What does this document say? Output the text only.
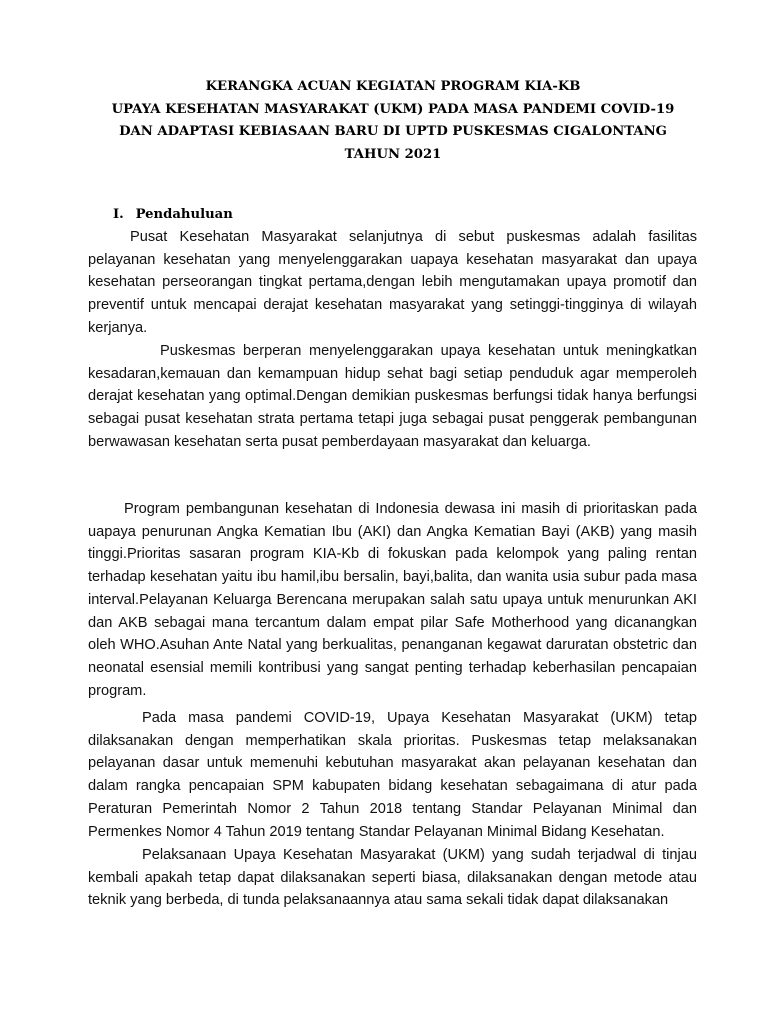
KERANGKA ACUAN KEGIATAN PROGRAM KIA-KB
UPAYA KESEHATAN MASYARAKAT (UKM) PADA MASA PANDEMI COVID-19
DAN ADAPTASI KEBIASAAN BARU DI UPTD PUSKESMAS CIGALONTANG
TAHUN 2021
I. Pendahuluan

Pusat Kesehatan Masyarakat selanjutnya di sebut puskesmas adalah fasilitas pelayanan kesehatan yang menyelenggarakan uapaya kesehatan masyarakat dan upaya kesehatan perseorangan tingkat pertama,dengan lebih mengutamakan upaya promotif dan preventif untuk mencapai derajat kesehatan masyarakat yang setinggi-tingginya di wilayah kerjanya.

Puskesmas berperan menyelenggarakan upaya kesehatan untuk meningkatkan kesadaran,kemauan dan kemampuan hidup sehat bagi setiap penduduk agar memperoleh derajat kesehatan yang optimal.Dengan demikian puskesmas berfungsi tidak hanya berfungsi sebagai pusat kesehatan strata pertama tetapi juga sebagai pusat penggerak pembangunan berwawasan kesehatan serta pusat pemberdayaan masyarakat dan keluarga.

Program pembangunan kesehatan di Indonesia dewasa ini masih di prioritaskan pada uapaya penurunan Angka Kematian Ibu (AKI) dan Angka Kematian Bayi (AKB) yang masih tinggi.Prioritas sasaran program KIA-Kb di fokuskan pada kelompok yang paling rentan terhadap kesehatan yaitu ibu hamil,ibu bersalin, bayi,balita, dan wanita usia subur pada masa interval.Pelayanan Keluarga Berencana merupakan salah satu upaya untuk menurunkan AKI dan AKB sebagai mana tercantum dalam empat pilar Safe Motherhood yang dicanangkan oleh WHO.Asuhan Ante Natal yang berkualitas, penanganan kegawat daruratan obstetric dan neonatal esensial memili kontribusi yang sangat penting terhadap keberhasilan pencapaian program.

Pada masa pandemi COVID-19, Upaya Kesehatan Masyarakat (UKM) tetap dilaksanakan dengan memperhatikan skala prioritas. Puskesmas tetap melaksanakan pelayanan dasar untuk memenuhi kebutuhan masyarakat akan pelayanan kesehatan dan dalam rangka pencapaian SPM kabupaten bidang kesehatan sebagaimana di atur pada Peraturan Pemerintah Nomor 2 Tahun 2018 tentang Standar Pelayanan Minimal dan Permenkes Nomor 4 Tahun 2019 tentang Standar Pelayanan Minimal Bidang Kesehatan.

Pelaksanaan Upaya Kesehatan Masyarakat (UKM) yang sudah terjadwal di tinjau kembali apakah tetap dapat dilaksanakan seperti biasa, dilaksanakan dengan metode atau teknik yang berbeda, di tunda pelaksanaannya atau sama sekali tidak dapat dilaksanakan
